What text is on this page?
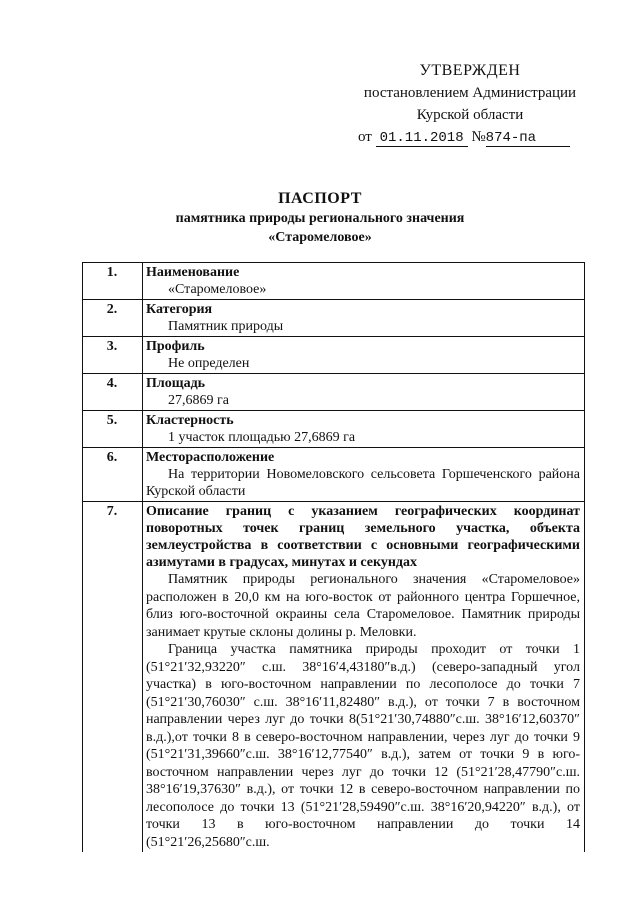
УТВЕРЖДЕН
постановлением Администрации
Курской области
от 01.11.2018 №874-па
ПАСПОРТ
памятника природы регионального значения
«Старомеловое»
1.	Наименование
«Старомеловое»

2.	Категория
Памятник природы

3.	Профиль
Не определен

4.	Площадь
27,6869 га

5.	Кластерность
1 участок площадью 27,6869 га

6.	Месторасположение
На территории Новомеловского сельсовета Горшеченского района Курской области

7.	Описание границ с указанием географических координат поворотных точек границ земельного участка, объекта землеустройства в соответствии с основными географическими азимутами в градусах, минутах и секундах

Памятник природы регионального значения «Старомеловое» расположен в 20,0 км на юго-восток от районного центра Горшечное, близ юго-восточной окраины села Старомеловое. Памятник природы занимает крутые склоны долины р. Меловки.

Граница участка памятника природы проходит от точки 1 (51°21′32,93220″ с.ш. 38°16′4,43180″в.д.) (северо-западный угол участка) в юго-восточном направлении по лесополосе до точки 7 (51°21′30,76030″ с.ш. 38°16′11,82480″ в.д.), от точки 7 в восточном направлении через луг до точки 8(51°21′30,74880″с.ш. 38°16′12,60370″ в.д.),от точки 8 в северо-восточном направлении, через луг до точки 9 (51°21′31,39660″с.ш. 38°16′12,77540″ в.д.), затем от точки 9 в юго-восточном направлении через луг до точки 12 (51°21′28,47790″с.ш. 38°16′19,37630″ в.д.), от точки 12 в северо-восточном направлении по лесополосе до точки 13 (51°21′28,59490″с.ш. 38°16′20,94220″ в.д.), от точки 13 в юго-восточном направлении до точки 14 (51°21′26,25680″с.ш.
